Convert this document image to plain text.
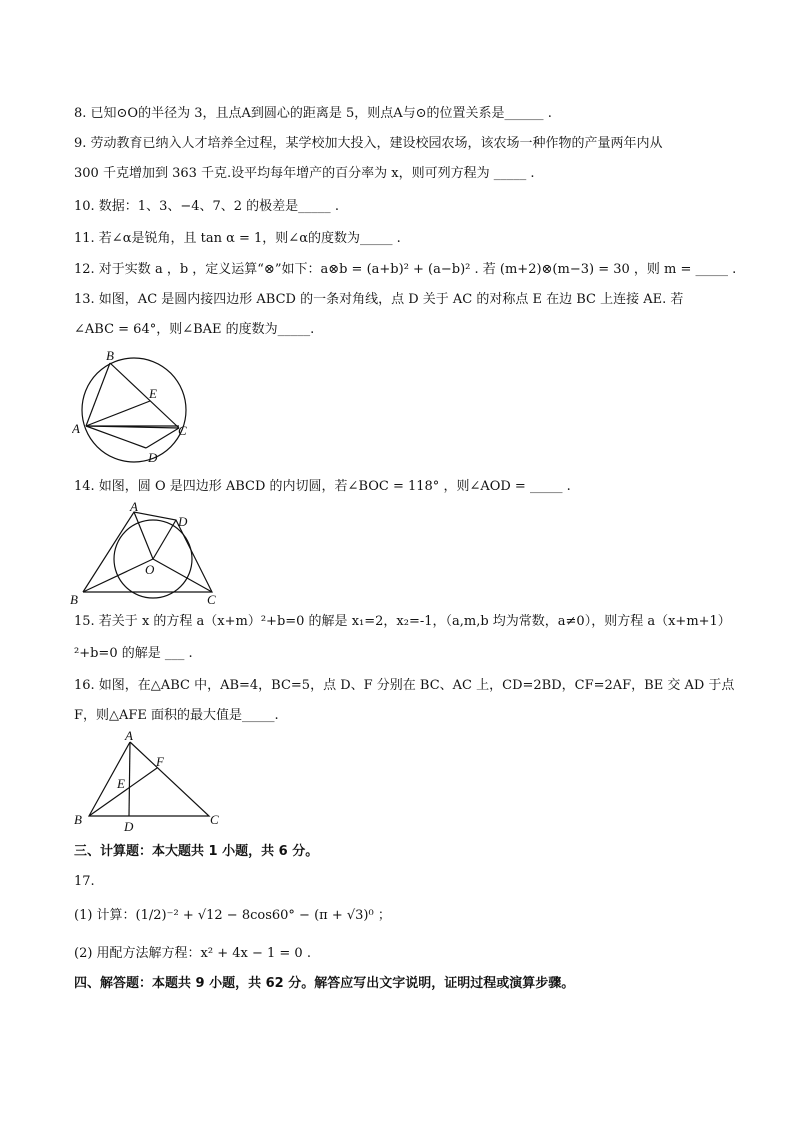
8. 已知⊙O的半径为 3，且点A到圆心的距离是 5，则点A与⊙的位置关系是______ .
9. 劳动教育已纳入人才培养全过程，某学校加大投入，建设校园农场，该农场一种作物的产量两年内从
300 千克增加到 363 千克.设平均每年增产的百分率为 x，则可列方程为 _____ .
10. 数据：1、3、−4、7、2 的极差是_____ .
11. 若∠α是锐角，且 tan α = 1，则∠α的度数为_____ .
12. 对于实数 a ，b ，定义运算“⊗”如下：a⊗b = (a+b)² + (a−b)² . 若 (m+2)⊗(m−3) = 30 ，则 m = _____ .
13. 如图，AC 是圆内接四边形 ABCD 的一条对角线，点 D 关于 AC 的对称点 E 在边 BC 上连接 AE. 若
∠ABC = 64°，则∠BAE 的度数为_____.
B
E
A	C
D
14. 如图，圆 O 是四边形 ABCD 的内切圆，若∠BOC = 118° ，则∠AOD = _____ .
A
D
O
B	C
15. 若关于 x 的方程 a（x+m）²+b=0 的解是 x₁=2，x₂=-1，（a,m,b 均为常数，a≠0），则方程 a（x+m+1）
²+b=0 的解是 ___ .
16. 如图，在△ABC 中，AB=4，BC=5，点 D、F 分别在 BC、AC 上，CD=2BD，CF=2AF，BE 交 AD 于点
F，则△AFE 面积的最大值是_____.
A
F
E
B	D	C
三、计算题：本大题共 1 小题，共 6 分。
17.
(1) 计算：(1/2)⁻² + √12 − 8cos60° − (π + √3)⁰ ；
(2) 用配方法解方程：x² + 4x − 1 = 0 .
四、解答题：本题共 9 小题，共 62 分。解答应写出文字说明，证明过程或演算步骤。
